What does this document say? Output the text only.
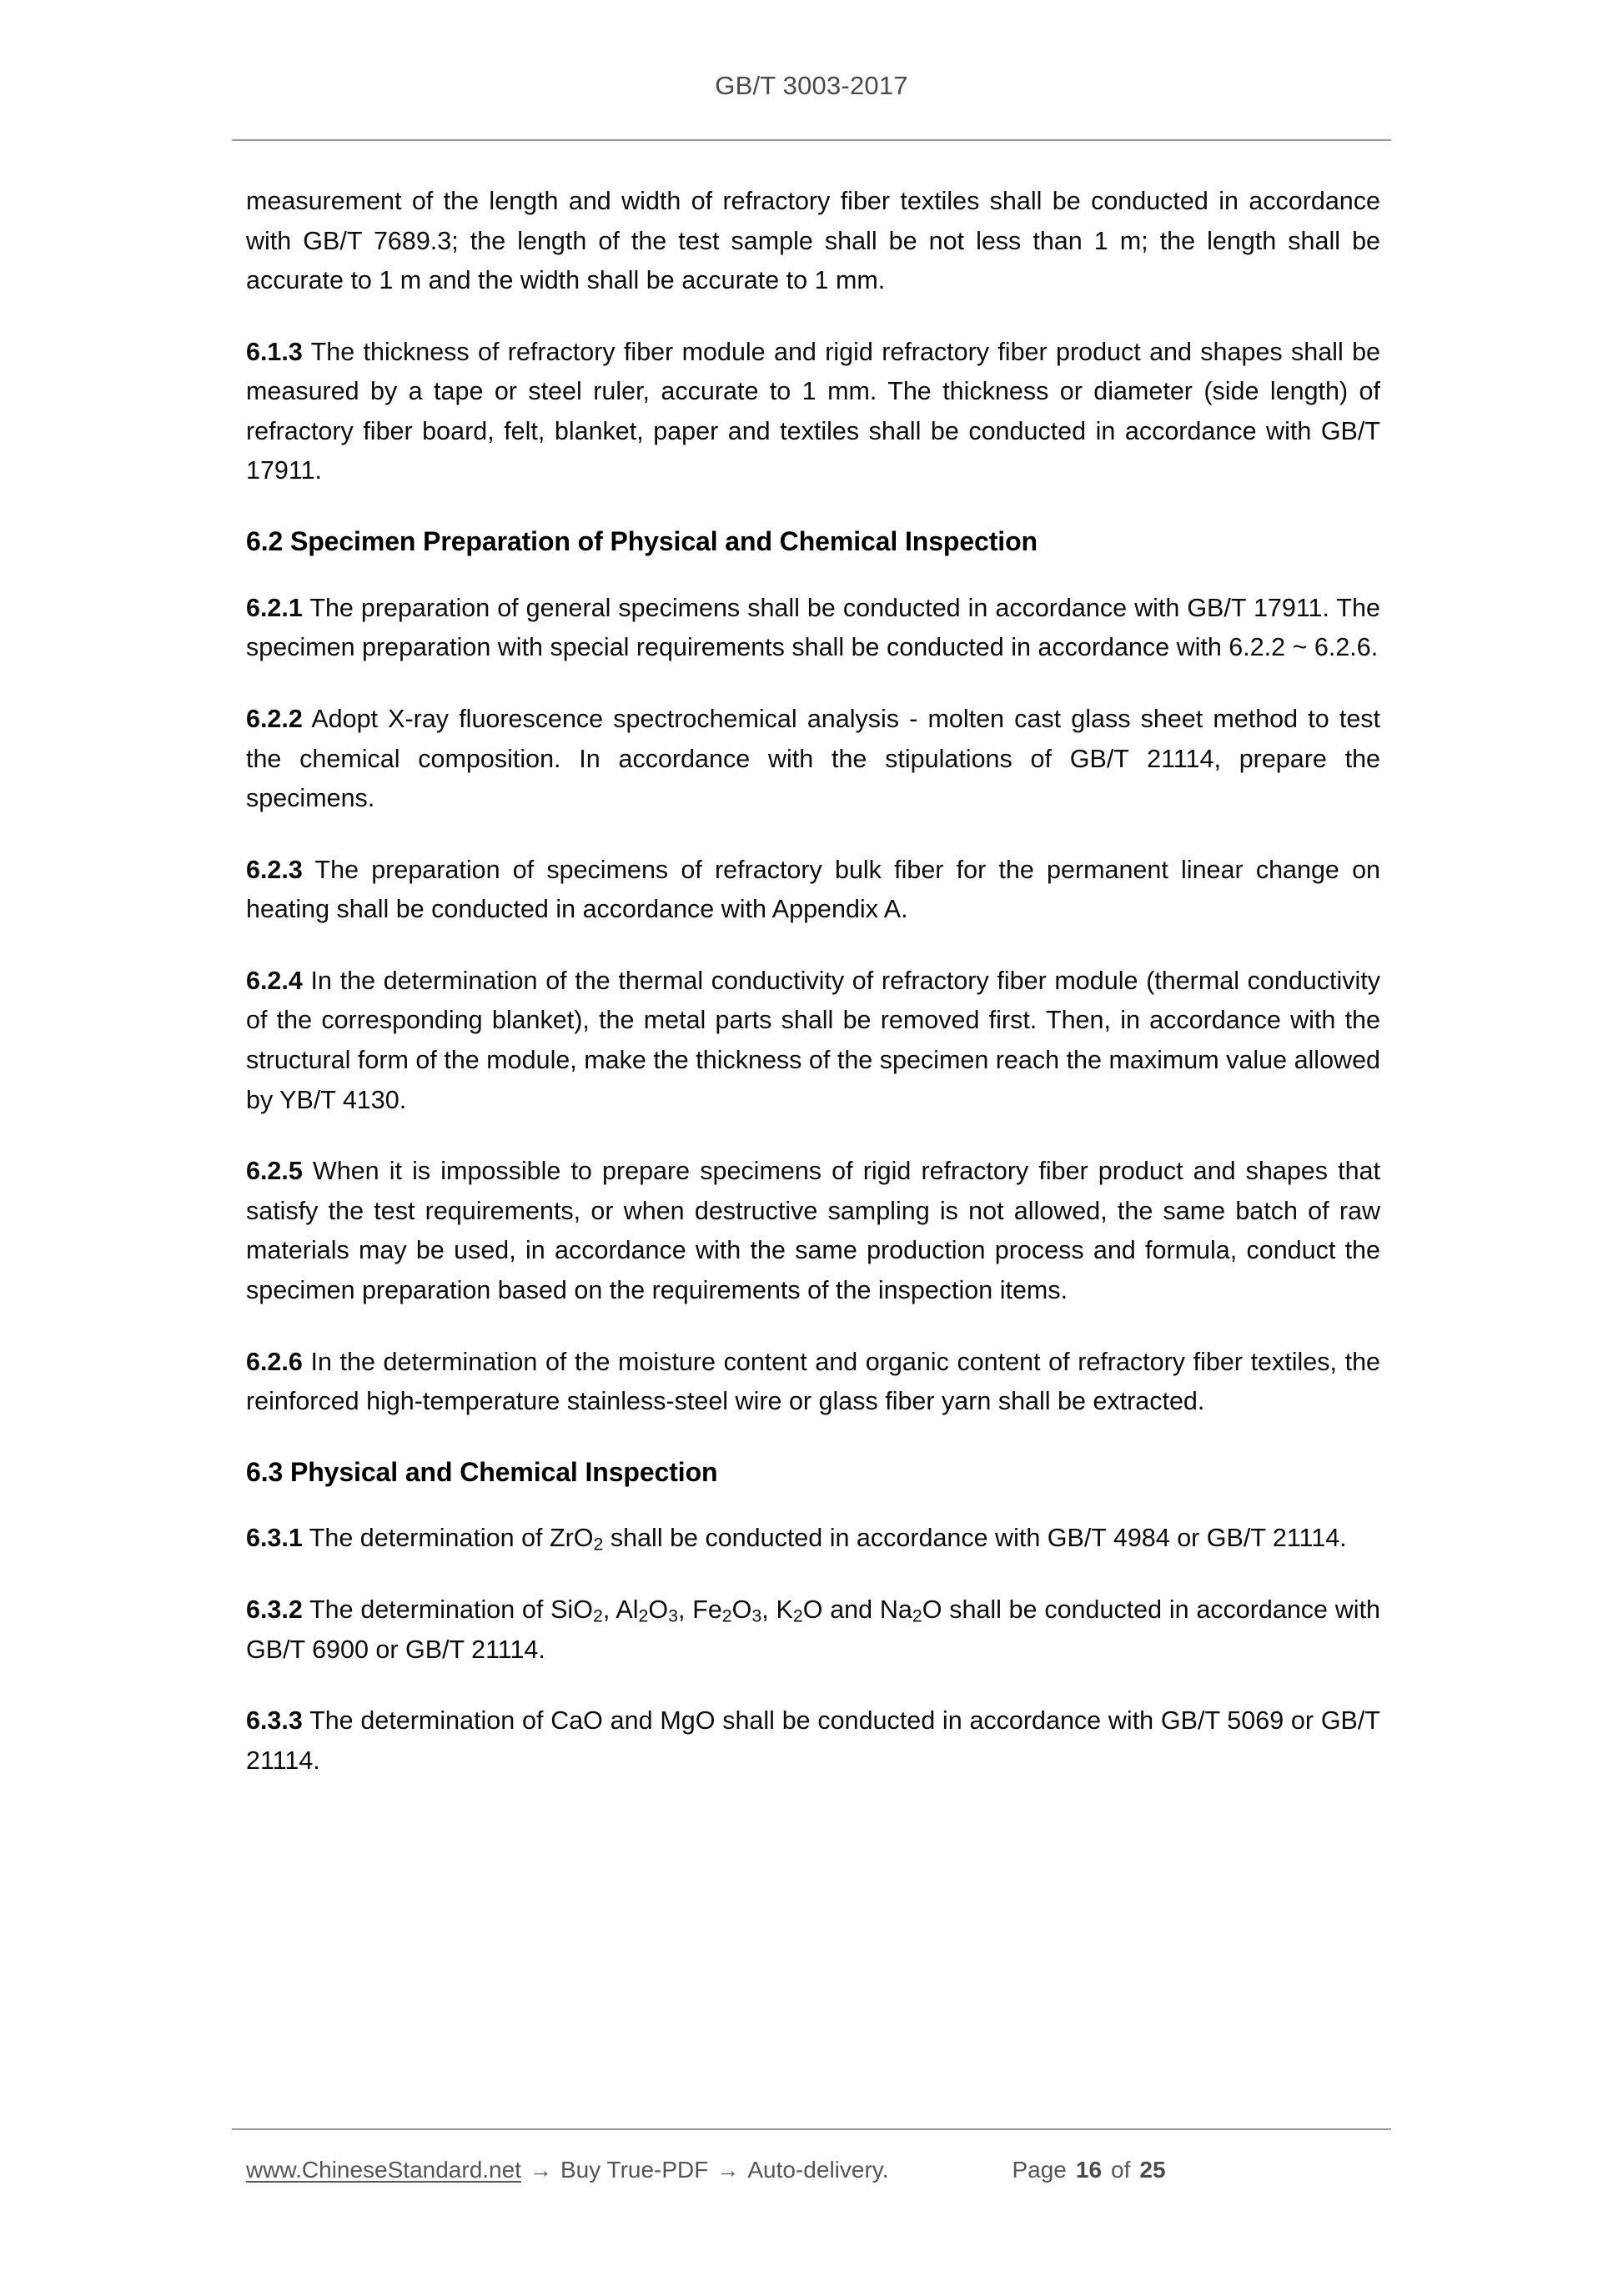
GB/T 3003-2017

measurement of the length and width of refractory fiber textiles shall be conducted in accordance with GB/T 7689.3; the length of the test sample shall be not less than 1 m; the length shall be accurate to 1 m and the width shall be accurate to 1 mm.

6.1.3 The thickness of refractory fiber module and rigid refractory fiber product and shapes shall be measured by a tape or steel ruler, accurate to 1 mm. The thickness or diameter (side length) of refractory fiber board, felt, blanket, paper and textiles shall be conducted in accordance with GB/T 17911.

6.2 Specimen Preparation of Physical and Chemical Inspection

6.2.1 The preparation of general specimens shall be conducted in accordance with GB/T 17911. The specimen preparation with special requirements shall be conducted in accordance with 6.2.2 ~ 6.2.6.

6.2.2 Adopt X-ray fluorescence spectrochemical analysis - molten cast glass sheet method to test the chemical composition. In accordance with the stipulations of GB/T 21114, prepare the specimens.

6.2.3 The preparation of specimens of refractory bulk fiber for the permanent linear change on heating shall be conducted in accordance with Appendix A.

6.2.4 In the determination of the thermal conductivity of refractory fiber module (thermal conductivity of the corresponding blanket), the metal parts shall be removed first. Then, in accordance with the structural form of the module, make the thickness of the specimen reach the maximum value allowed by YB/T 4130.

6.2.5 When it is impossible to prepare specimens of rigid refractory fiber product and shapes that satisfy the test requirements, or when destructive sampling is not allowed, the same batch of raw materials may be used, in accordance with the same production process and formula, conduct the specimen preparation based on the requirements of the inspection items.

6.2.6 In the determination of the moisture content and organic content of refractory fiber textiles, the reinforced high-temperature stainless-steel wire or glass fiber yarn shall be extracted.

6.3 Physical and Chemical Inspection

6.3.1 The determination of ZrO$_2$ shall be conducted in accordance with GB/T 4984 or GB/T 21114.

6.3.2 The determination of SiO$_2$, $Al_2O_3$, $Fe_2O_3$, $K_2O$ and $Na_2O$ shall be conducted in accordance with GB/T 6900 or GB/T 21114.

6.3.3 The determination of CaO and MgO shall be conducted in accordance with GB/T 5069 or GB/T 21114.

www.ChineseStandard.net → Buy True-PDF → Auto-delivery.	Page 16 of 25
